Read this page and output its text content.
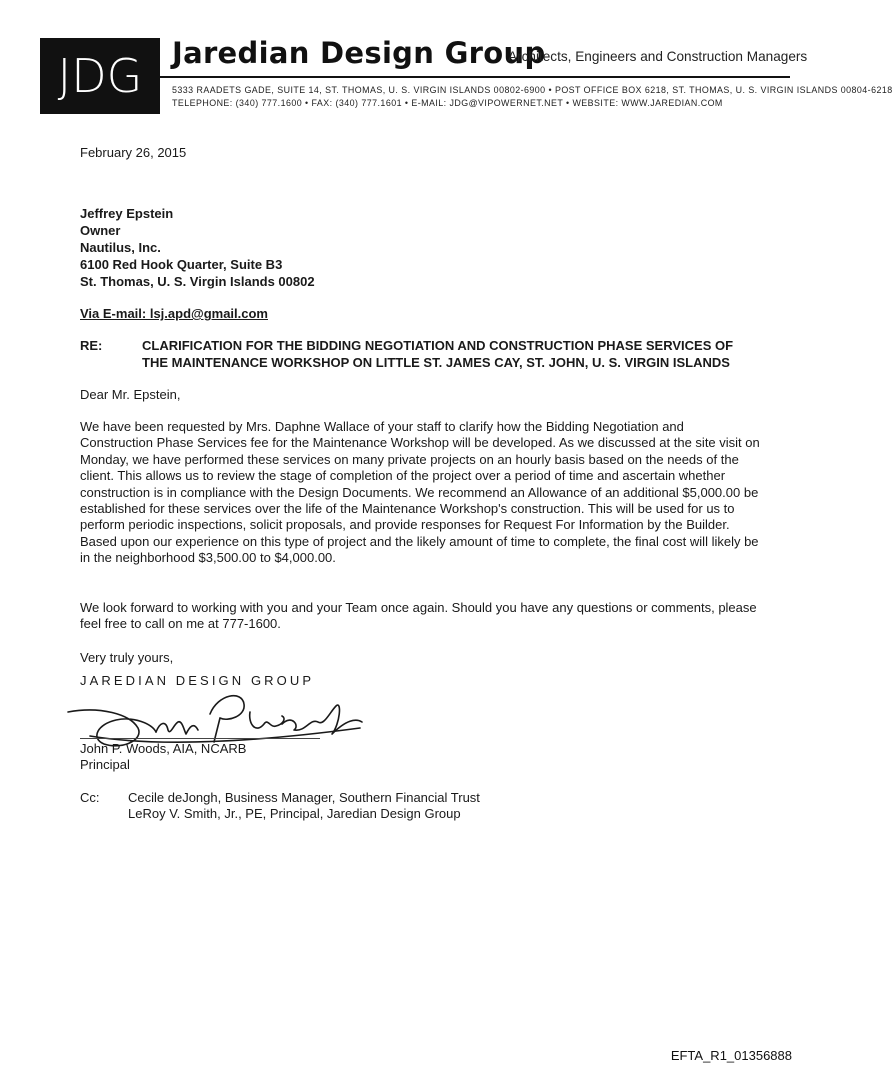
JDG Jaredian Design Group
Architects, Engineers and Construction Managers
5333 RAADETS GADE, SUITE 14, ST. THOMAS, U. S. VIRGIN ISLANDS 00802-6900 • POST OFFICE BOX 6218, ST. THOMAS, U. S. VIRGIN ISLANDS 00804-6218
TELEPHONE: (340) 777.1600 • FAX: (340) 777.1601 • E-MAIL: JDG@VIPOWERNET.NET • WEBSITE: WWW.JAREDIAN.COM
February 26, 2015
Jeffrey Epstein
Owner
Nautilus, Inc.
6100 Red Hook Quarter, Suite B3
St. Thomas, U. S. Virgin Islands 00802
Via E-mail: lsj.apd@gmail.com
RE:	CLARIFICATION FOR THE BIDDING NEGOTIATION AND CONSTRUCTION PHASE SERVICES OF THE MAINTENANCE WORKSHOP ON LITTLE ST. JAMES CAY, ST. JOHN, U. S. VIRGIN ISLANDS
Dear Mr. Epstein,
We have been requested by Mrs. Daphne Wallace of your staff to clarify how the Bidding Negotiation and Construction Phase Services fee for the Maintenance Workshop will be developed. As we discussed at the site visit on Monday, we have performed these services on many private projects on an hourly basis based on the needs of the client. This allows us to review the stage of completion of the project over a period of time and ascertain whether construction is in compliance with the Design Documents. We recommend an Allowance of an additional $5,000.00 be established for these services over the life of the Maintenance Workshop's construction. This will be used for us to perform periodic inspections, solicit proposals, and provide responses for Request For Information by the Builder. Based upon our experience on this type of project and the likely amount of time to complete, the final cost will likely be in the neighborhood $3,500.00 to $4,000.00.
We look forward to working with you and your Team once again. Should you have any questions or comments, please feel free to call on me at 777-1600.
Very truly yours,
JAREDIAN DESIGN GROUP
John P. Woods, AIA, NCARB
Principal
Cc: Cecile deJongh, Business Manager, Southern Financial Trust
LeRoy V. Smith, Jr., PE, Principal, Jaredian Design Group
EFTA_R1_01356888
